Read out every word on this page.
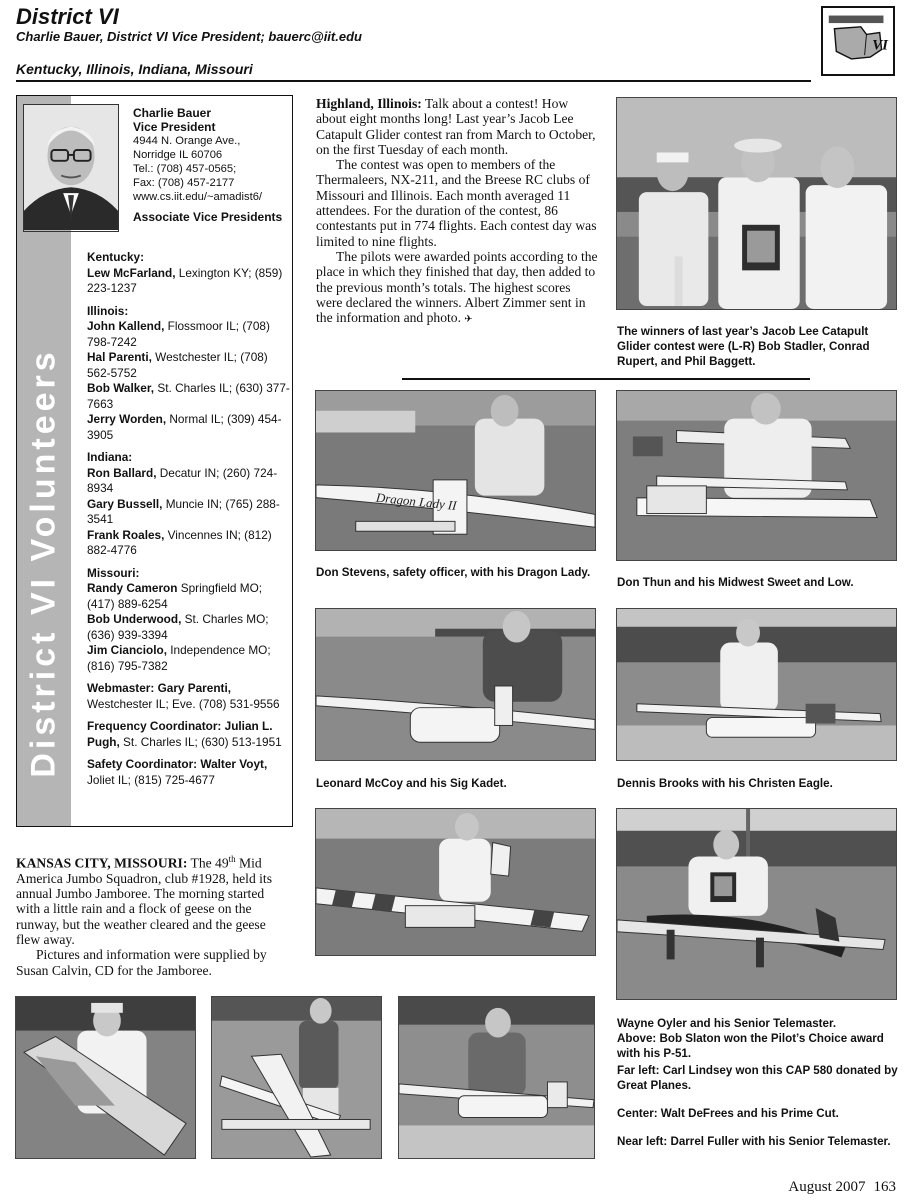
District VI
Charlie Bauer, District VI Vice President; bauerc@iit.edu
Kentucky, Illinois, Indiana, Missouri
VI
District VI Volunteers
Charlie Bauer
Vice President
4944 N. Orange Ave.,
Norridge IL 60706
Tel.: (708) 457-0565;
Fax: (708) 457-2177
www.cs.iit.edu/~amadist6/
Associate Vice Presidents
Kentucky:
Lew McFarland, Lexington KY; (859) 223-1237
Illinois:
John Kallend, Flossmoor IL; (708) 798-7242
Hal Parenti, Westchester IL; (708) 562-5752
Bob Walker, St. Charles IL; (630) 377-7663
Jerry Worden, Normal IL; (309) 454-3905
Indiana:
Ron Ballard, Decatur IN; (260) 724-8934
Gary Bussell, Muncie IN; (765) 288-3541
Frank Roales, Vincennes IN; (812) 882-4776
Missouri:
Randy Cameron Springfield MO; (417) 889-6254
Bob Underwood, St. Charles MO; (636) 939-3394
Jim Cianciolo, Independence MO; (816) 795-7382
Webmaster: Gary Parenti, Westchester IL; Eve. (708) 531-9556
Frequency Coordinator: Julian L. Pugh, St. Charles IL; (630) 513-1951
Safety Coordinator: Walter Voyt, Joliet IL; (815) 725-4677

Highland, Illinois: Talk about a contest! How about eight months long! Last year’s Jacob Lee Catapult Glider contest ran from March to October, on the first Tuesday of each month.

The contest was open to members of the Thermaleers, NX-211, and the Breese RC clubs of Missouri and Illinois. Each month averaged 11 attendees. For the duration of the contest, 86 contestants put in 774 flights. Each contest day was limited to nine flights.

The pilots were awarded points according to the place in which they finished that day, then added to the previous month’s totals. The highest scores were declared the winners. Albert Zimmer sent in the information and photo. ✈

The winners of last year’s Jacob Lee Catapult Glider contest were (L-R) Bob Stadler, Conrad Rupert, and Phil Baggett.
Dragon Lady II
Don Stevens, safety officer, with his Dragon Lady.
Don Thun and his Midwest Sweet and Low.
Leonard McCoy and his Sig Kadet.	Dennis Brooks with his Christen Eagle.

KANSAS CITY, MISSOURI: The 49th Mid America Jumbo Squadron, club #1928, held its annual Jumbo Jamboree. The morning started with a little rain and a flock of geese on the runway, but the weather cleared and the geese flew away.

Pictures and information were supplied by Susan Calvin, CD for the Jamboree.

Wayne Oyler and his Senior Telemaster.
Above: Bob Slaton won the Pilot’s Choice award with his P-51.
Far left: Carl Lindsey won this CAP 580 donated by Great Planes.
Center: Walt DeFrees and his Prime Cut.
Near left: Darrel Fuller with his Senior Telemaster.
August 2007 163
